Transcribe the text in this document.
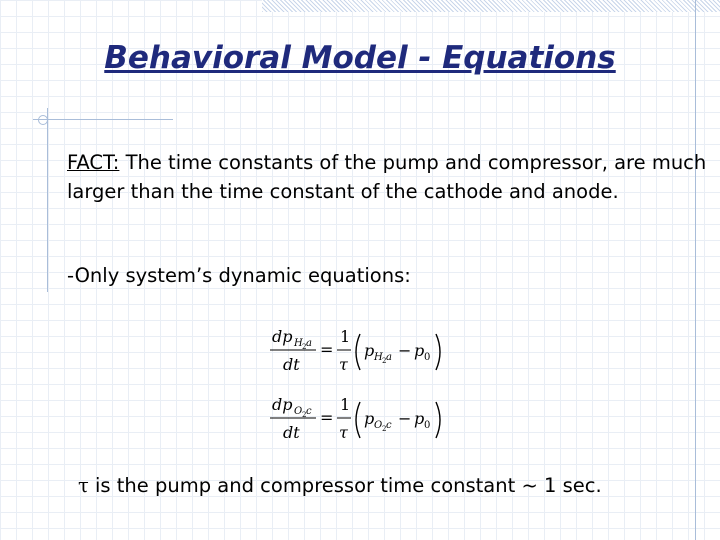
Behavioral Model - Equations

FACT: The time constants of the pump and compressor, are much larger than the time constant of the cathode and anode.

-Only system’s dynamic equations:

dp H 2 a
dt
=
1
τ
p H 2 a − p 0
dp O 2 c
dt
=
1
τ
p O 2 c − p 0

τ is the pump and compressor time constant ~ 1 sec.
